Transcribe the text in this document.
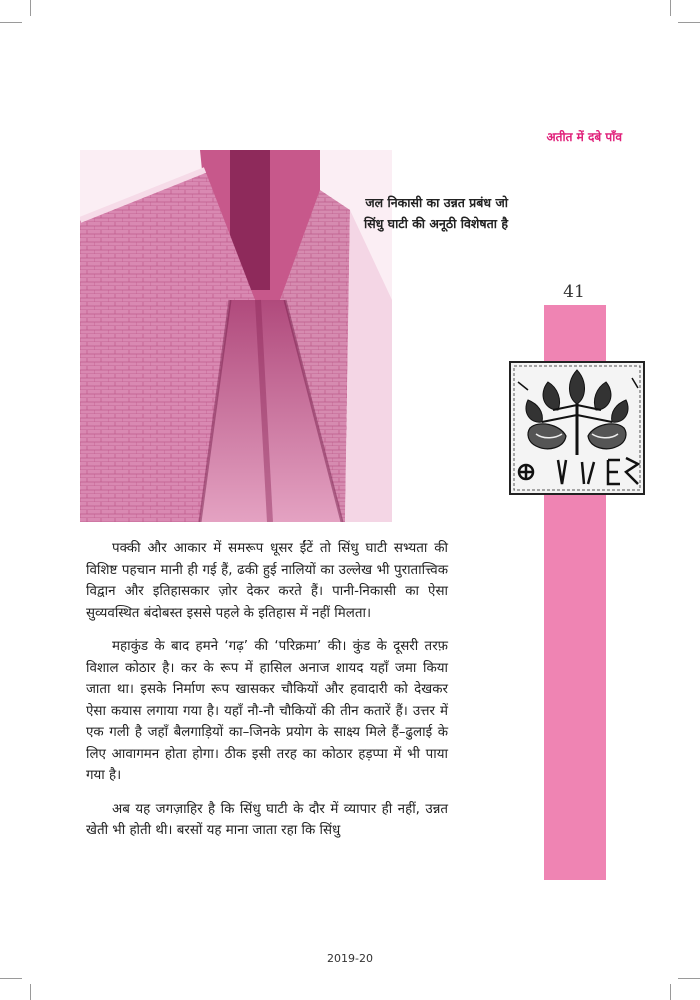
अतीत में दबे पाँव
जल निकासी का उन्नत प्रबंध जो
सिंधु घाटी की अनूठी विशेषता है
41

पक्की और आकार में समरूप धूसर ईंटें तो सिंधु घाटी सभ्यता की विशिष्ट पहचान मानी ही गई हैं, ढकी हुई नालियों का उल्लेख भी पुरातात्त्विक विद्वान और इतिहासकार ज़ोर देकर करते हैं। पानी-निकासी का ऐसा सुव्यवस्थित बंदोबस्त इससे पहले के इतिहास में नहीं मिलता।

महाकुंड के बाद हमने ‘गढ़’ की ‘परिक्रमा’ की। कुंड के दूसरी तरफ़ विशाल कोठार है। कर के रूप में हासिल अनाज शायद यहाँ जमा किया जाता था। इसके निर्माण रूप खासकर चौकियों और हवादारी को देखकर ऐसा कयास लगाया गया है। यहाँ नौ-नौ चौकियों की तीन कतारें हैं। उत्तर में एक गली है जहाँ बैलगाड़ियों का–जिनके प्रयोग के साक्ष्य मिले हैं–ढुलाई के लिए आवागमन होता होगा। ठीक इसी तरह का कोठार हड़प्पा में भी पाया गया है।

अब यह जगज़ाहिर है कि सिंधु घाटी के दौर में व्यापार ही नहीं, उन्नत खेती भी होती थी। बरसों यह माना जाता रहा कि सिंधु

2019-20
